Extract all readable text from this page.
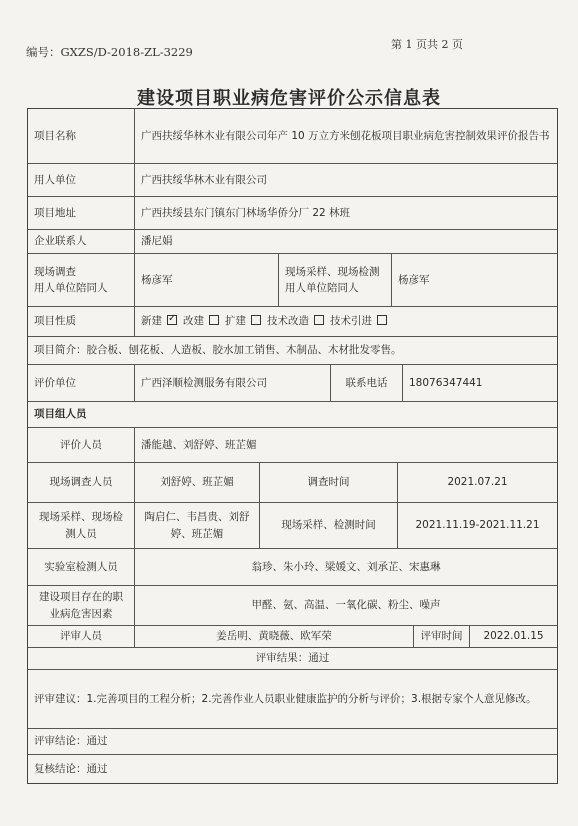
编号：GXZS/D-2018-ZL-3229
第 1 页共 2 页
建设项目职业病危害评价公示信息表
项目名称	广西扶绥华林木业有限公司年产 10 万立方米刨花板项目职业病危害控制效果评价报告书
用人单位	广西扶绥华林木业有限公司
项目地址	广西扶绥县东门镇东门林场华侨分厂 22 林班
企业联系人	潘尼娟
现场调查
用人单位陪同人
杨彦军
现场采样、现场检测
用人单位陪同人
杨彦军
项目性质	新建✓	改建	扩建	技术改造	技术引进
项目简介： 胶合板、刨花板、人造板、胶水加工销售、木制品、木材批发零售。
评价单位	广西泽顺检测服务有限公司	联系电话	18076347441
项目组人员
评价人员	潘能越、刘舒婷、班芷媚
现场调查人员	刘舒婷、班芷媚	调查时间	2021.07.21
现场采样、现场检测人员
陶启仁、韦昌贵、刘舒婷、班芷媚
现场采样、检测时间	2021.11.19-2021.11.21
实验室检测人员	翁珍、朱小玲、梁媛文、刘承芷、宋惠琳
建设项目存在的职
业病危害因素
甲醛、氨、高温、一氧化碳、粉尘、噪声
评审人员	姜岳明、黄晓薇、欧军荣	评审时间	2022.01.15
评审结果： 通过
评审建议：1.完善项目的工程分析；2.完善作业人员职业健康监护的分析与评价；3.根据专家个人意见修改。
评审结论： 通过
复核结论： 通过
